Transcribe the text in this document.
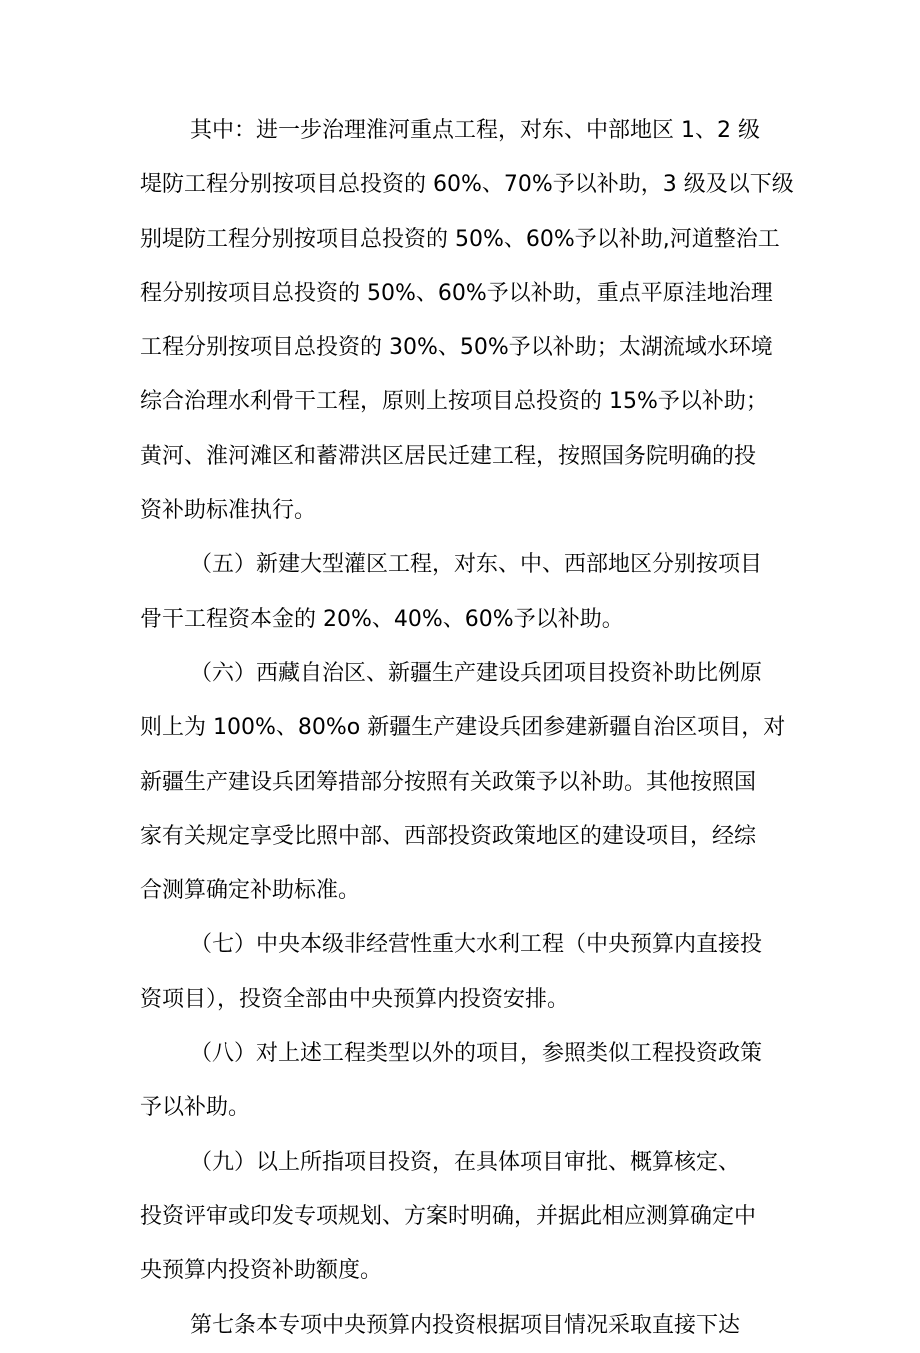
其中：进一步治理淮河重点工程，对东、中部地区 1、2 级
堤防工程分别按项目总投资的 60%、70%予以补助，3 级及以下级
别堤防工程分别按项目总投资的 50%、60%予以补助,河道整治工
程分别按项目总投资的 50%、60%予以补助，重点平原洼地治理
工程分别按项目总投资的 30%、50%予以补助；太湖流域水环境
综合治理水利骨干工程，原则上按项目总投资的 15%予以补助；
黄河、淮河滩区和蓄滞洪区居民迁建工程，按照国务院明确的投
资补助标准执行。
（五）新建大型灌区工程，对东、中、西部地区分别按项目
骨干工程资本金的 20%、40%、60%予以补助。
（六）西藏自治区、新疆生产建设兵团项目投资补助比例原
则上为 100%、80%o 新疆生产建设兵团参建新疆自治区项目，对
新疆生产建设兵团筹措部分按照有关政策予以补助。其他按照国
家有关规定享受比照中部、西部投资政策地区的建设项目，经综
合测算确定补助标准。
（七）中央本级非经营性重大水利工程（中央预算内直接投
资项目），投资全部由中央预算内投资安排。
（八）对上述工程类型以外的项目，参照类似工程投资政策
予以补助。
（九）以上所指项目投资，在具体项目审批、概算核定、
投资评审或印发专项规划、方案时明确，并据此相应测算确定中
央预算内投资补助额度。
第七条本专项中央预算内投资根据项目情况采取直接下达
